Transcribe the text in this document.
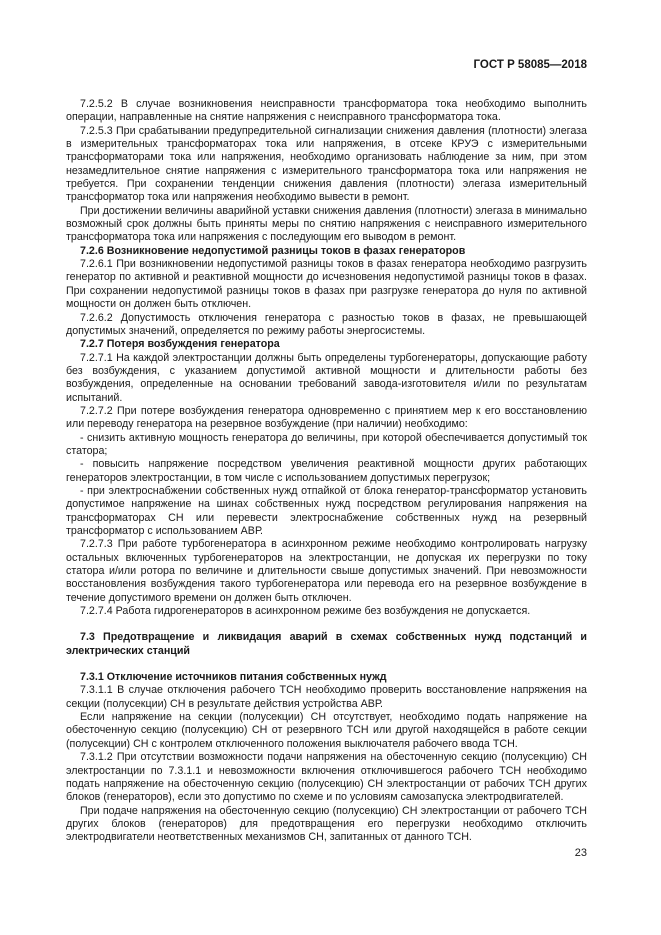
ГОСТ Р 58085—2018

7.2.5.2 В случае возникновения неисправности трансформатора тока необходимо выполнить операции, направленные на снятие напряжения с неисправного трансформатора тока.

7.2.5.3 При срабатывании предупредительной сигнализации снижения давления (плотности) элегаза в измерительных трансформаторах тока или напряжения, в отсеке КРУЭ с измерительными трансформаторами тока или напряжения, необходимо организовать наблюдение за ним, при этом незамедлительное снятие напряжения с измерительного трансформатора тока или напряжения не требуется. При сохранении тенденции снижения давления (плотности) элегаза измерительный трансформатор тока или напряжения необходимо вывести в ремонт.

При достижении величины аварийной уставки снижения давления (плотности) элегаза в минимально возможный срок должны быть приняты меры по снятию напряжения с неисправного измерительного трансформатора тока или напряжения с последующим его выводом в ремонт.

7.2.6 Возникновение недопустимой разницы токов в фазах генераторов

7.2.6.1 При возникновении недопустимой разницы токов в фазах генератора необходимо разгрузить генератор по активной и реактивной мощности до исчезновения недопустимой разницы токов в фазах. При сохранении недопустимой разницы токов в фазах при разгрузке генератора до нуля по активной мощности он должен быть отключен.

7.2.6.2 Допустимость отключения генератора с разностью токов в фазах, не превышающей допустимых значений, определяется по режиму работы энергосистемы.

7.2.7 Потеря возбуждения генератора

7.2.7.1 На каждой электростанции должны быть определены турбогенераторы, допускающие работу без возбуждения, с указанием допустимой активной мощности и длительности работы без возбуждения, определенные на основании требований завода-изготовителя и/или по результатам испытаний.

7.2.7.2 При потере возбуждения генератора одновременно с принятием мер к его восстановлению или переводу генератора на резервное возбуждение (при наличии) необходимо:

- снизить активную мощность генератора до величины, при которой обеспечивается допустимый ток статора;

- повысить напряжение посредством увеличения реактивной мощности других работающих генераторов электростанции, в том числе с использованием допустимых перегрузок;

- при электроснабжении собственных нужд отпайкой от блока генератор-трансформатор установить допустимое напряжение на шинах собственных нужд посредством регулирования напряжения на трансформаторах СН или перевести электроснабжение собственных нужд на резервный трансформатор с использованием АВР.

7.2.7.3 При работе турбогенератора в асинхронном режиме необходимо контролировать нагрузку остальных включенных турбогенераторов на электростанции, не допуская их перегрузки по току статора и/или ротора по величине и длительности свыше допустимых значений. При невозможности восстановления возбуждения такого турбогенератора или перевода его на резервное возбуждение в течение допустимого времени он должен быть отключен.

7.2.7.4 Работа гидрогенераторов в асинхронном режиме без возбуждения не допускается.

7.3 Предотвращение и ликвидация аварий в схемах собственных нужд подстанций и электрических станций

7.3.1 Отключение источников питания собственных нужд

7.3.1.1 В случае отключения рабочего ТСН необходимо проверить восстановление напряжения на секции (полусекции) СН в результате действия устройства АВР.

Если напряжение на секции (полусекции) СН отсутствует, необходимо подать напряжение на обесточенную секцию (полусекцию) СН от резервного ТСН или другой находящейся в работе секции (полусекции) СН с контролем отключенного положения выключателя рабочего ввода ТСН.

7.3.1.2 При отсутствии возможности подачи напряжения на обесточенную секцию (полусекцию) СН электростанции по 7.3.1.1 и невозможности включения отключившегося рабочего ТСН необходимо подать напряжение на обесточенную секцию (полусекцию) СН электростанции от рабочих ТСН других блоков (генераторов), если это допустимо по схеме и по условиям самозапуска электродвигателей.

При подаче напряжения на обесточенную секцию (полусекцию) СН электростанции от рабочего ТСН других блоков (генераторов) для предотвращения его перегрузки необходимо отключить электродвигатели неответственных механизмов СН, запитанных от данного ТСН.

23
